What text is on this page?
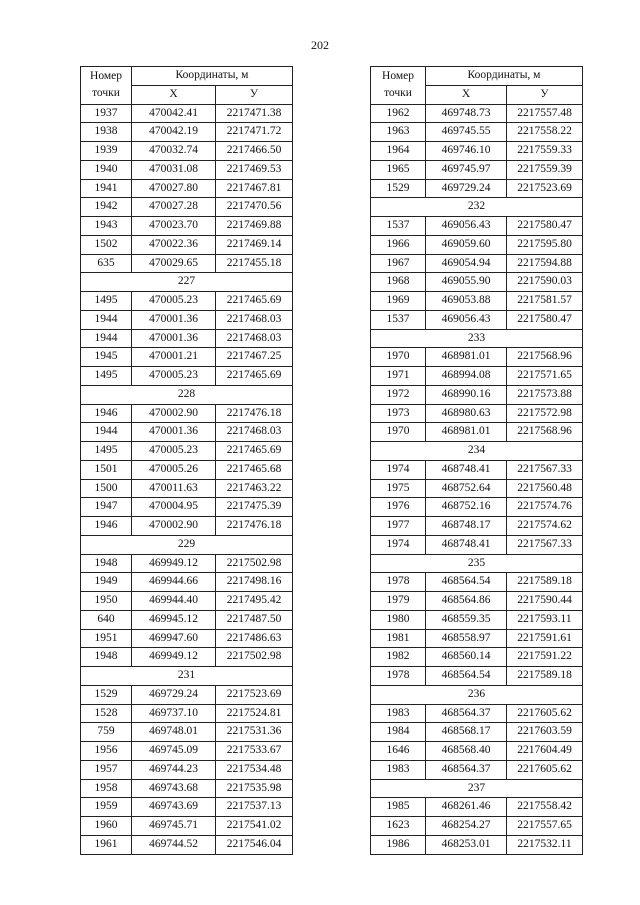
202
Номер
точки	Координаты, м	
	X	У
1937	470042.41	2217471.38
1938	470042.19	2217471.72
1939	470032.74	2217466.50
1940	470031.08	2217469.53
1941	470027.80	2217467.81
1942	470027.28	2217470.56
1943	470023.70	2217469.88
1502	470022.36	2217469.14
635	470029.65	2217455.18
227		
1495	470005.23	2217465.69
1944	470001.36	2217468.03
1944	470001.36	2217468.03
1945	470001.21	2217467.25
1495	470005.23	2217465.69
228		
1946	470002.90	2217476.18
1944	470001.36	2217468.03
1495	470005.23	2217465.69
1501	470005.26	2217465.68
1500	470011.63	2217463.22
1947	470004.95	2217475.39
1946	470002.90	2217476.18
229		
1948	469949.12	2217502.98
1949	469944.66	2217498.16
1950	469944.40	2217495.42
640	469945.12	2217487.50
1951	469947.60	2217486.63
1948	469949.12	2217502.98
231		
1529	469729.24	2217523.69
1528	469737.10	2217524.81
759	469748.01	2217531.36
1956	469745.09	2217533.67
1957	469744.23	2217534.48
1958	469743.68	2217535.98
1959	469743.69	2217537.13
1960	469745.71	2217541.02
1961	469744.52	2217546.04
Номер
точки	Координаты, м	
	X	У
1962	469748.73	2217557.48
1963	469745.55	2217558.22
1964	469746.10	2217559.33
1965	469745.97	2217559.39
1529	469729.24	2217523.69
232		
1537	469056.43	2217580.47
1966	469059.60	2217595.80
1967	469054.94	2217594.88
1968	469055.90	2217590.03
1969	469053.88	2217581.57
1537	469056.43	2217580.47
233		
1970	468981.01	2217568.96
1971	468994.08	2217571.65
1972	468990.16	2217573.88
1973	468980.63	2217572.98
1970	468981.01	2217568.96
234		
1974	468748.41	2217567.33
1975	468752.64	2217560.48
1976	468752.16	2217574.76
1977	468748.17	2217574.62
1974	468748.41	2217567.33
235		
1978	468564.54	2217589.18
1979	468564.86	2217590.44
1980	468559.35	2217593.11
1981	468558.97	2217591.61
1982	468560.14	2217591.22
1978	468564.54	2217589.18
236		
1983	468564.37	2217605.62
1984	468568.17	2217603.59
1646	468568.40	2217604.49
1983	468564.37	2217605.62
237		
1985	468261.46	2217558.42
1623	468254.27	2217557.65
1986	468253.01	2217532.11
